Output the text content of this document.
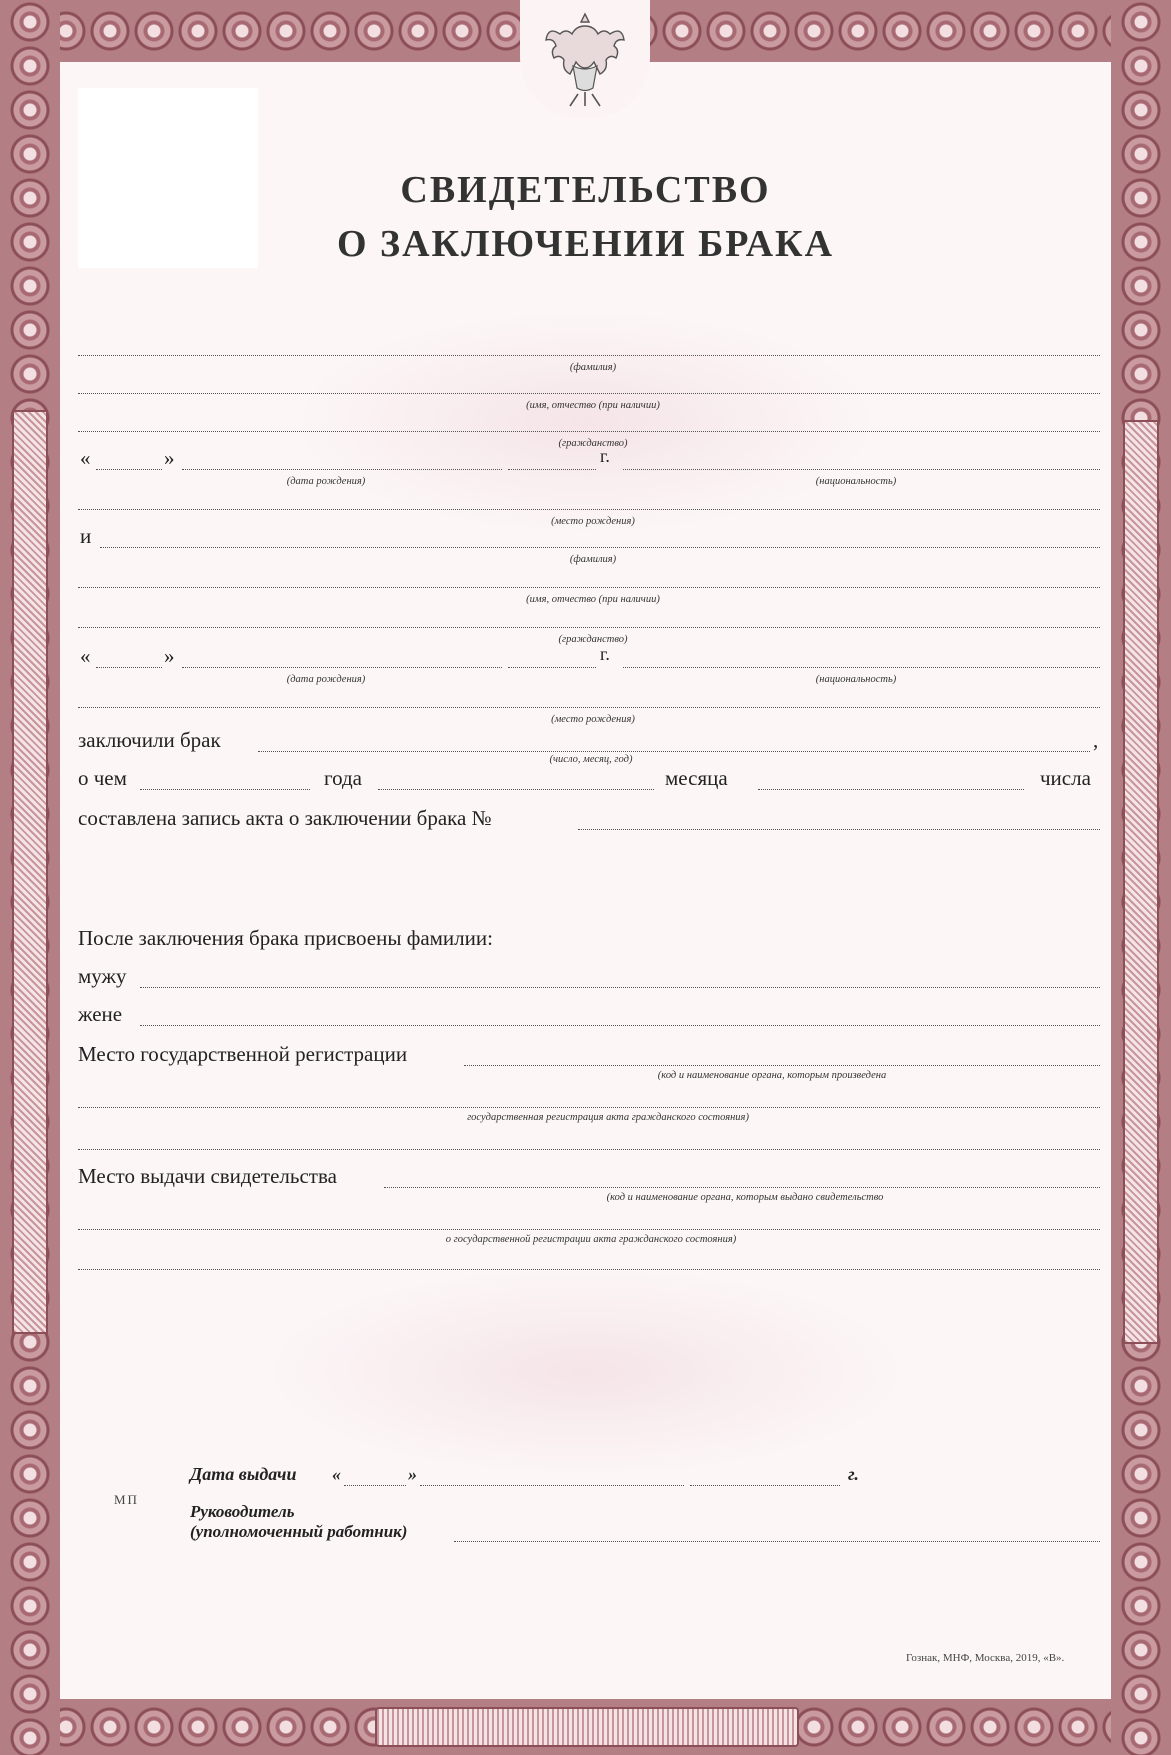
СВИДЕТЕЛЬСТВО
О ЗАКЛЮЧЕНИИ БРАКА
(фамилия)
(имя, отчество (при наличии)
(гражданство)
«	»	г.
(дата рождения)	(национальность)
(место рождения)
и
(фамилия)
(имя, отчество (при наличии)
(гражданство)
«	»	г.
(дата рождения)	(национальность)
(место рождения)
заключили брак	,
(число, месяц, год)
о чем	года	месяца	числа
составлена запись акта о заключении брака №
После заключения брака присвоены фамилии:
мужу
жене
Место государственной регистрации
(код и наименование органа, которым произведена
государственная регистрация акта гражданского состояния)
Место выдачи свидетельства
(код и наименование органа, которым выдано свидетельство
о государственной регистрации акта гражданского состояния)
Дата выдачи «	»	г.
МП
Руководитель
(уполномоченный работник)
Гознак, МНФ, Москва, 2019, «В».
